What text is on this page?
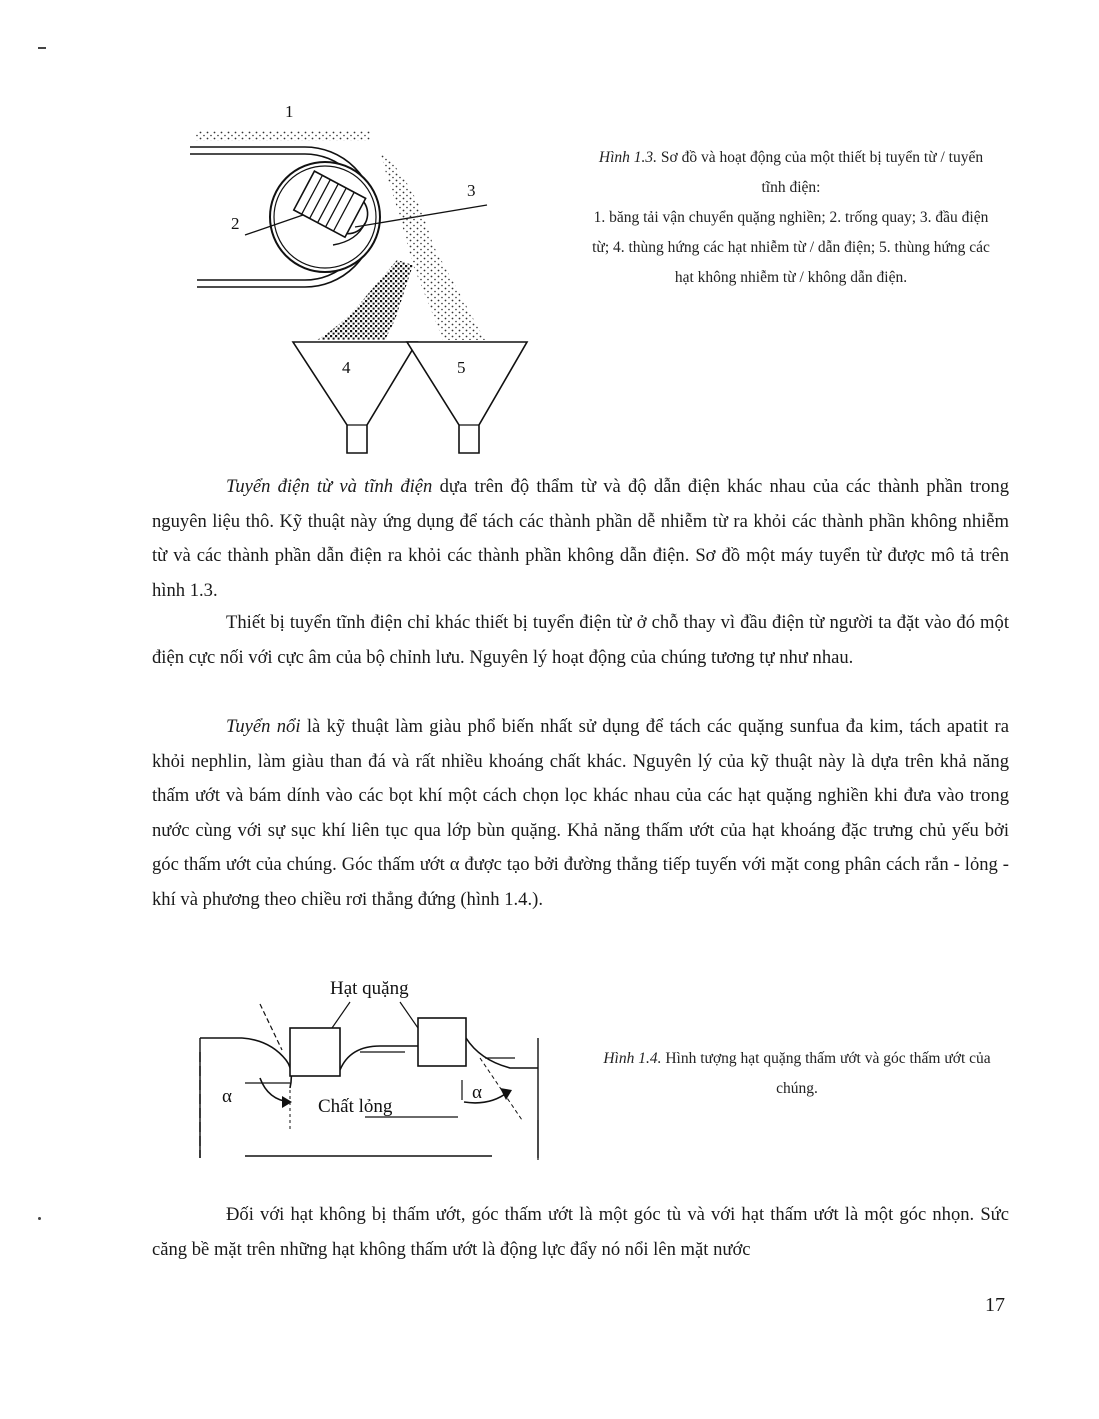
1
2
3
4	5
Hình 1.3. Sơ đồ và hoạt động của một thiết bị tuyển từ / tuyển tĩnh điện:
1. băng tải vận chuyển quặng nghiền; 2. trống quay; 3. đầu điện từ; 4. thùng hứng các hạt nhiễm từ / dẫn điện; 5. thùng hứng các hạt không nhiễm từ / không dẫn điện.

Tuyển điện từ và tĩnh điện dựa trên độ thẩm từ và độ dẫn điện khác nhau của các thành phần trong nguyên liệu thô. Kỹ thuật này ứng dụng để tách các thành phần dễ nhiễm từ ra khỏi các thành phần không nhiễm từ và các thành phần dẫn điện ra khỏi các thành phần không dẫn điện. Sơ đồ một máy tuyển từ được mô tả trên hình 1.3.

Thiết bị tuyển tĩnh điện chỉ khác thiết bị tuyển điện từ ở chỗ thay vì đầu điện từ người ta đặt vào đó một điện cực nối với cực âm của bộ chỉnh lưu. Nguyên lý hoạt động của chúng tương tự như nhau.

Tuyển nổi là kỹ thuật làm giàu phổ biến nhất sử dụng để tách các quặng sunfua đa kim, tách apatit ra khỏi nephlin, làm giàu than đá và rất nhiều khoáng chất khác. Nguyên lý của kỹ thuật này là dựa trên khả năng thấm ướt và bám dính vào các bọt khí một cách chọn lọc khác nhau của các hạt quặng nghiền khi đưa vào trong nước cùng với sự sục khí liên tục qua lớp bùn quặng. Khả năng thấm ướt của hạt khoáng đặc trưng chủ yếu bởi góc thấm ướt của chúng. Góc thấm ướt α được tạo bởi đường thẳng tiếp tuyến với mặt cong phân cách rắn - lỏng - khí và phương theo chiều rơi thẳng đứng (hình 1.4.).

Hạt quặng
α	α
Chất lỏng
Hình 1.4. Hình tượng hạt quặng thấm ướt và góc thấm ướt của chúng.

Đối với hạt không bị thấm ướt, góc thấm ướt là một góc tù và với hạt thấm ướt là một góc nhọn. Sức căng bề mặt trên những hạt không thấm ướt là động lực đẩy nó nổi lên mặt nước

17
